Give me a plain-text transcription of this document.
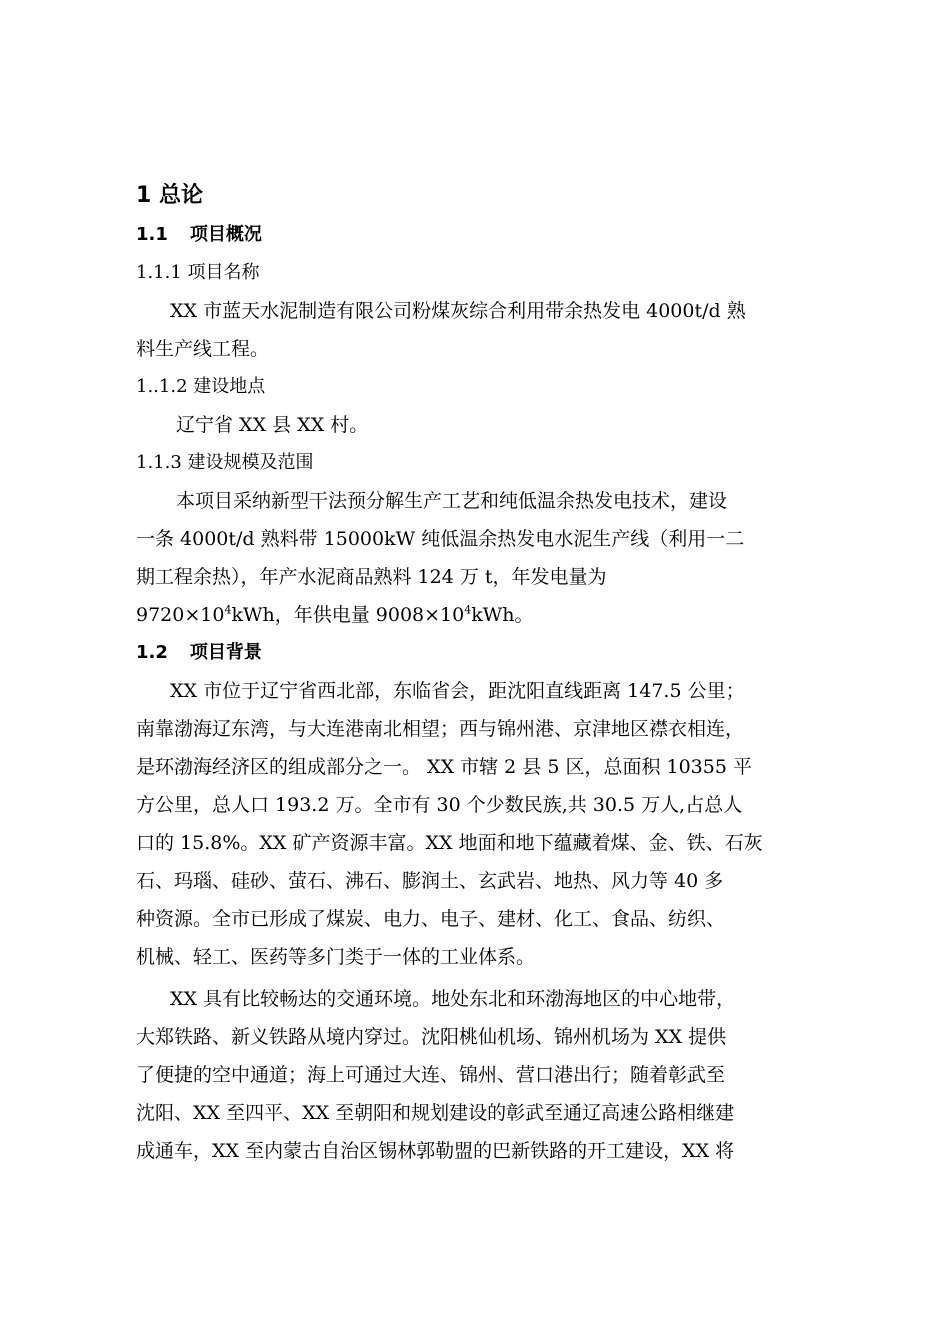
1 总论
1.1 项目概况
1.1.1 项目名称
XX 市蓝天水泥制造有限公司粉煤灰综合利用带余热发电 4000t/d 熟
料生产线工程。
1..1.2 建设地点
辽宁省 XX 县 XX 村。
1.1.3 建设规模及范围
本项目采纳新型干法预分解生产工艺和纯低温余热发电技术，建设
一条 4000t/d 熟料带 15000kW 纯低温余热发电水泥生产线（利用一二
期工程余热），年产水泥商品熟料 124 万 t，年发电量为
$9720\times 10^4kWh$，年供电量 $9008\times 10^4kWh$。
1.2 项目背景
XX 市位于辽宁省西北部，东临省会，距沈阳直线距离 147.5 公里；
南靠渤海辽东湾，与大连港南北相望；西与锦州港、京津地区襟衣相连，
是环渤海经济区的组成部分之一。 XX 市辖 2 县 5 区，总面积 10355 平
方公里，总人口 193.2 万。全市有 30 个少数民族,共 30.5 万人,占总人
口的 15.8%。XX 矿产资源丰富。XX 地面和地下蕴藏着煤、金、铁、石灰
石、玛瑙、硅砂、萤石、沸石、膨润土、玄武岩、地热、风力等 40 多
种资源。全市已形成了煤炭、电力、电子、建材、化工、食品、纺织、
机械、轻工、医药等多门类于一体的工业体系。
XX 具有比较畅达的交通环境。地处东北和环渤海地区的中心地带，
大郑铁路、新义铁路从境内穿过。沈阳桃仙机场、锦州机场为 XX 提供
了便捷的空中通道；海上可通过大连、锦州、营口港出行；随着彰武至
沈阳、XX 至四平、XX 至朝阳和规划建设的彰武至通辽高速公路相继建
成通车，XX 至内蒙古自治区锡林郭勒盟的巴新铁路的开工建设，XX 将
